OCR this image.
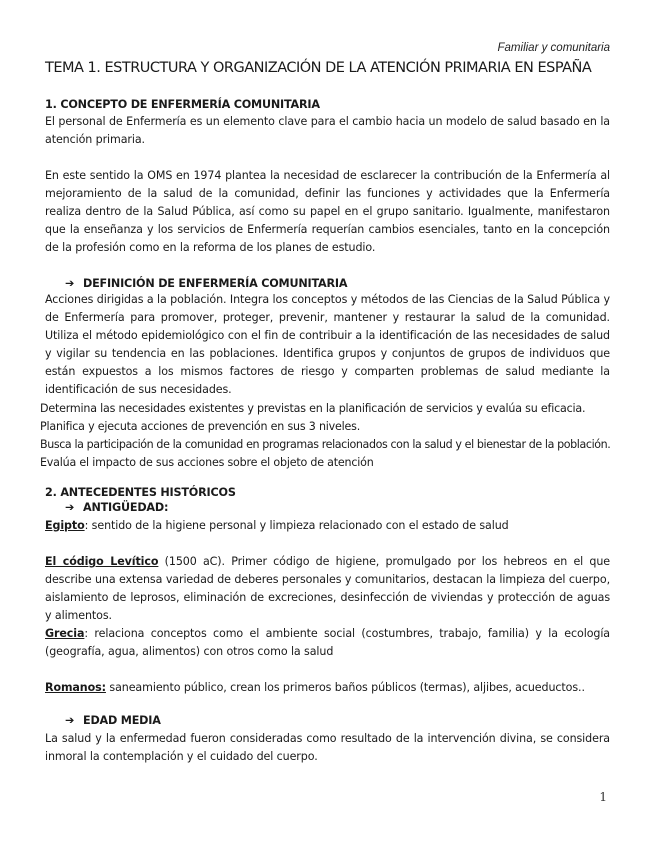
Familiar y comunitaria
TEMA 1. ESTRUCTURA Y ORGANIZACIÓN DE LA ATENCIÓN PRIMARIA EN ESPAÑA
1. CONCEPTO DE ENFERMERÍA COMUNITARIA
El personal de Enfermería es un elemento clave para el cambio hacia un modelo de salud basado en la atención primaria.
En este sentido la OMS en 1974 plantea la necesidad de esclarecer la contribución de la Enfermería al mejoramiento de la salud de la comunidad, definir las funciones y actividades que la Enfermería realiza dentro de la Salud Pública, así como su papel en el grupo sanitario. Igualmente, manifestaron que la enseñanza y los servicios de Enfermería requerían cambios esenciales, tanto en la concepción de la profesión como en la reforma de los planes de estudio.
➔ DEFINICIÓN DE ENFERMERÍA COMUNITARIA
Acciones dirigidas a la población. Integra los conceptos y métodos de las Ciencias de la Salud Pública y de Enfermería para promover, proteger, prevenir, mantener y restaurar la salud de la comunidad. Utiliza el método epidemiológico con el fin de contribuir a la identificación de las necesidades de salud y vigilar su tendencia en las poblaciones. Identifica grupos y conjuntos de grupos de individuos que están expuestos a los mismos factores de riesgo y comparten problemas de salud mediante la identificación de sus necesidades.
Determina las necesidades existentes y previstas en la planificación de servicios y evalúa su eficacia.
Planifica y ejecuta acciones de prevención en sus 3 niveles.
Busca la participación de la comunidad en programas relacionados con la salud y el bienestar de la población.
Evalúa el impacto de sus acciones sobre el objeto de atención
2. ANTECEDENTES HISTÓRICOS
➔ ANTIGÜEDAD:
Egipto: sentido de la higiene personal y limpieza relacionado con el estado de salud
El código Levítico (1500 aC). Primer código de higiene, promulgado por los hebreos en el que describe una extensa variedad de deberes personales y comunitarios, destacan la limpieza del cuerpo, aislamiento de leprosos, eliminación de excreciones, desinfección de viviendas y protección de aguas y alimentos.
Grecia: relaciona conceptos como el ambiente social (costumbres, trabajo, familia) y la ecología (geografía, agua, alimentos) con otros como la salud
Romanos: saneamiento público, crean los primeros baños públicos (termas), aljibes, acueductos..
➔ EDAD MEDIA
La salud y la enfermedad fueron consideradas como resultado de la intervención divina, se considera inmoral la contemplación y el cuidado del cuerpo.
1
